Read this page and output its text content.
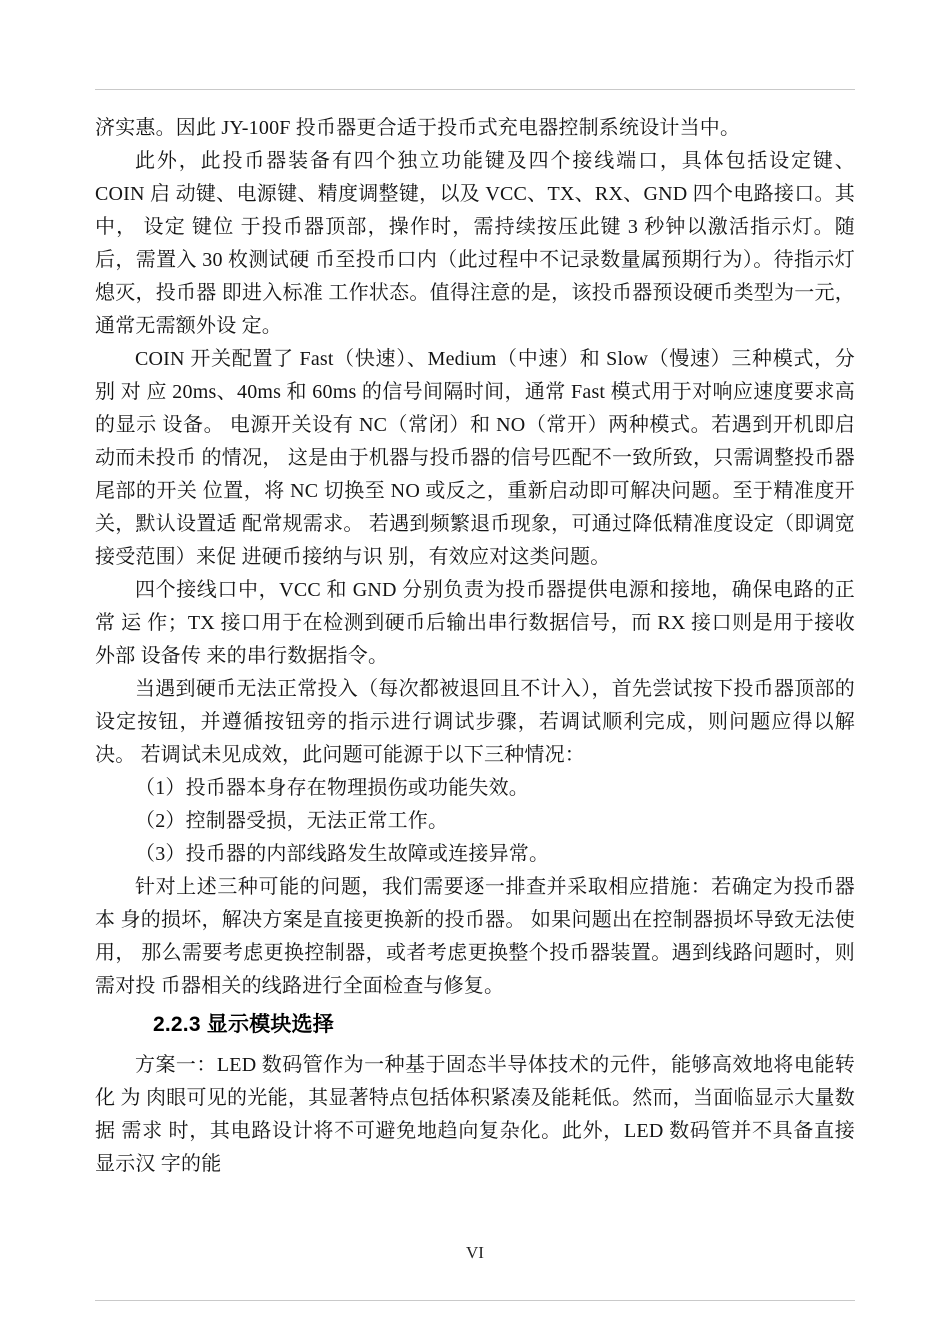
济实惠。因此 JY-100F 投币器更合适于投币式充电器控制系统设计当中。

此外，此投币器装备有四个独立功能键及四个接线端口，具体包括设定键、 COIN 启 动键、电源键、精度调整键，以及 VCC、TX、RX、GND 四个电路接口。其中， 设定 键位 于投币器顶部，操作时，需持续按压此键 3 秒钟以激活指示灯。随后，需置入 30 枚测试硬 币至投币口内（此过程中不记录数量属预期行为）。待指示灯熄灭，投币器 即进入标准 工作状态。值得注意的是，该投币器预设硬币类型为一元，通常无需额外设 定。

COIN 开关配置了 Fast（快速）、Medium（中速）和 Slow（慢速）三种模式，分别 对 应 20ms、40ms 和 60ms 的信号间隔时间，通常 Fast 模式用于对响应速度要求高的显示 设备。 电源开关设有 NC（常闭）和 NO（常开）两种模式。若遇到开机即启动而未投币 的情况， 这是由于机器与投币器的信号匹配不一致所致，只需调整投币器尾部的开关 位置，将 NC 切换至 NO 或反之，重新启动即可解决问题。至于精准度开关，默认设置适 配常规需求。 若遇到频繁退币现象，可通过降低精准度设定（即调宽接受范围）来促 进硬币接纳与识 别，有效应对这类问题。

四个接线口中，VCC 和 GND 分别负责为投币器提供电源和接地，确保电路的正常 运 作；TX 接口用于在检测到硬币后输出串行数据信号，而 RX 接口则是用于接收外部 设备传 来的串行数据指令。

当遇到硬币无法正常投入（每次都被退回且不计入），首先尝试按下投币器顶部的 设定按钮，并遵循按钮旁的指示进行调试步骤，若调试顺利完成，则问题应得以解决。 若调试未见成效，此问题可能源于以下三种情况：

（1）投币器本身存在物理损伤或功能失效。

（2）控制器受损，无法正常工作。

（3）投币器的内部线路发生故障或连接异常。

针对上述三种可能的问题，我们需要逐一排查并采取相应措施：若确定为投币器本 身的损坏，解决方案是直接更换新的投币器。 如果问题出在控制器损坏导致无法使用， 那么需要考虑更换控制器，或者考虑更换整个投币器装置。遇到线路问题时，则需对投 币器相关的线路进行全面检查与修复。

2.2.3 显示模块选择

方案一：LED 数码管作为一种基于固态半导体技术的元件，能够高效地将电能转化 为 肉眼可见的光能，其显著特点包括体积紧凑及能耗低。然而，当面临显示大量数据 需求 时，其电路设计将不可避免地趋向复杂化。此外，LED 数码管并不具备直接显示汉 字的能

VI
